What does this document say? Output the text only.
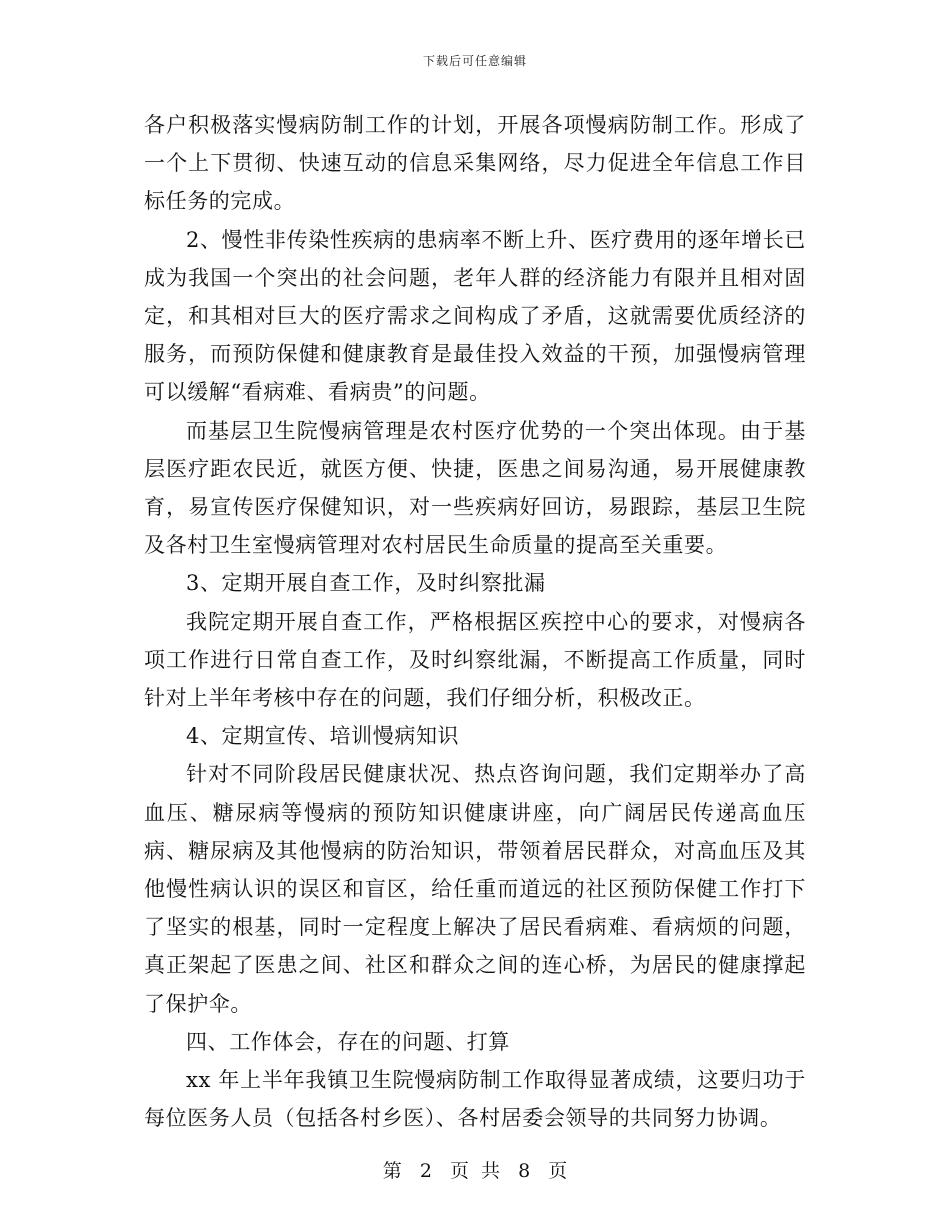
下载后可任意编辑

各户积极落实慢病防制工作的计划，开展各项慢病防制工作。形成了一个上下贯彻、快速互动的信息采集网络，尽力促进全年信息工作目标任务的完成。

2、慢性非传染性疾病的患病率不断上升、医疗费用的逐年增长已成为我国一个突出的社会问题，老年人群的经济能力有限并且相对固定，和其相对巨大的医疗需求之间构成了矛盾，这就需要优质经济的服务，而预防保健和健康教育是最佳投入效益的干预，加强慢病管理可以缓解“看病难、看病贵”的问题。

而基层卫生院慢病管理是农村医疗优势的一个突出体现。由于基层医疗距农民近，就医方便、快捷，医患之间易沟通，易开展健康教育，易宣传医疗保健知识，对一些疾病好回访，易跟踪，基层卫生院及各村卫生室慢病管理对农村居民生命质量的提高至关重要。

3、定期开展自查工作，及时纠察批漏

我院定期开展自查工作，严格根据区疾控中心的要求，对慢病各项工作进行日常自查工作，及时纠察纰漏，不断提高工作质量，同时针对上半年考核中存在的问题，我们仔细分析，积极改正。

4、定期宣传、培训慢病知识

针对不同阶段居民健康状况、热点咨询问题，我们定期举办了高血压、糖尿病等慢病的预防知识健康讲座，向广阔居民传递高血压病、糖尿病及其他慢病的防治知识，带领着居民群众，对高血压及其他慢性病认识的误区和盲区，给任重而道远的社区预防保健工作打下了坚实的根基，同时一定程度上解决了居民看病难、看病烦的问题，真正架起了医患之间、社区和群众之间的连心桥，为居民的健康撑起了保护伞。

四、工作体会，存在的问题、打算

xx 年上半年我镇卫生院慢病防制工作取得显著成绩，这要归功于每位医务人员（包括各村乡医）、各村居委会领导的共同努力协调。

第 2 页 共 8 页
